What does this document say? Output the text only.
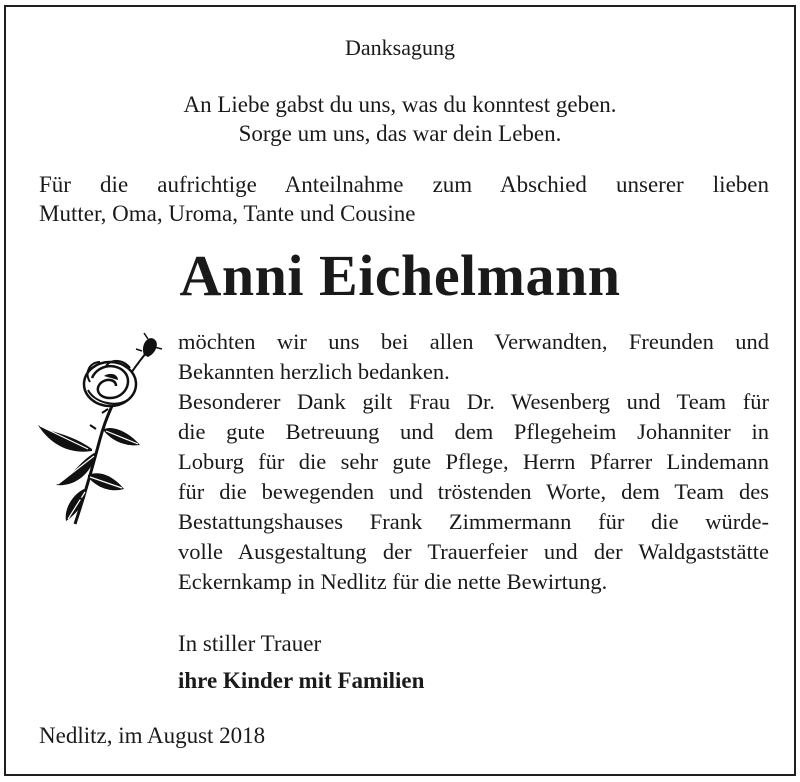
Danksagung
An Liebe gabst du uns, was du konntest geben.
Sorge um uns, das war dein Leben.
Für die aufrichtige Anteilnahme zum Abschied unserer lieben
Mutter, Oma, Uroma, Tante und Cousine
Anni Eichelmann
möchten wir uns bei allen Verwandten, Freunden und
Bekannten herzlich bedanken.
Besonderer Dank gilt Frau Dr. Wesenberg und Team für
die gute Betreuung und dem Pflegeheim Johanniter in
Loburg für die sehr gute Pflege, Herrn Pfarrer Lindemann
für die bewegenden und tröstenden Worte, dem Team des
Bestattungshauses Frank Zimmermann für die würde-
volle Ausgestaltung der Trauerfeier und der Waldgaststätte
Eckernkamp in Nedlitz für die nette Bewirtung.
In stiller Trauer
ihre Kinder mit Familien
Nedlitz, im August 2018
